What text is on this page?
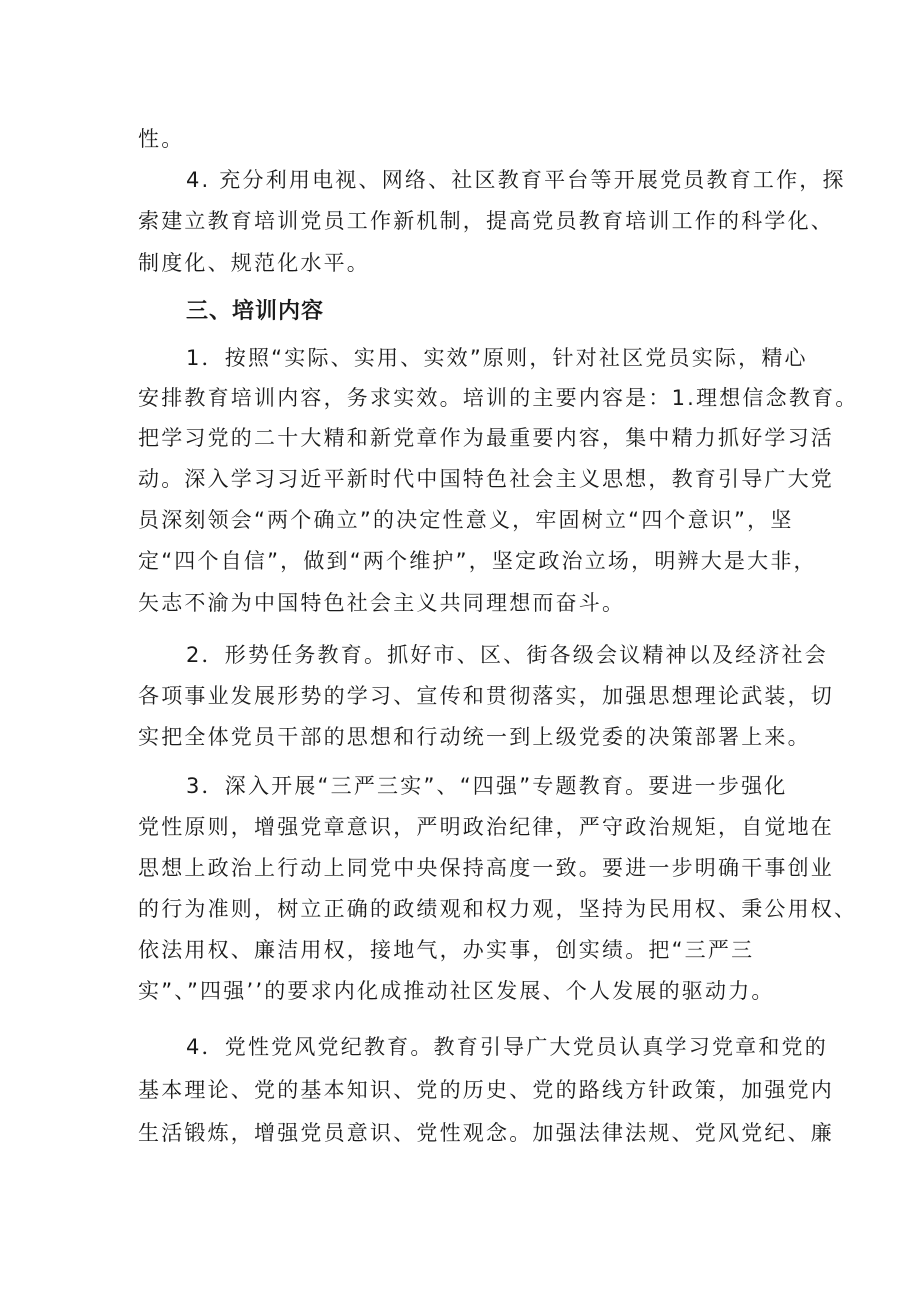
性。
4. 充分利用电视、网络、社区教育平台等开展党员教育工作，探
索建立教育培训党员工作新机制，提高党员教育培训工作的科学化、
制度化、规范化水平。
三、培训内容
1．按照“实际、实用、实效”原则，针对社区党员实际，精心
安排教育培训内容，务求实效。培训的主要内容是：1.理想信念教育。
把学习党的二十大精和新党章作为最重要内容，集中精力抓好学习活
动。深入学习习近平新时代中国特色社会主义思想，教育引导广大党
员深刻领会“两个确立”的决定性意义，牢固树立“四个意识”，坚
定“四个自信”，做到“两个维护”，坚定政治立场，明辨大是大非，
矢志不渝为中国特色社会主义共同理想而奋斗。
2．形势任务教育。抓好市、区、街各级会议精神以及经济社会
各项事业发展形势的学习、宣传和贯彻落实，加强思想理论武装，切
实把全体党员干部的思想和行动统一到上级党委的决策部署上来。
3．深入开展“三严三实”、“四强”专题教育。要进一步强化
党性原则，增强党章意识，严明政治纪律，严守政治规矩，自觉地在
思想上政治上行动上同党中央保持高度一致。要进一步明确干事创业
的行为准则，树立正确的政绩观和权力观，坚持为民用权、秉公用权、
依法用权、廉洁用权，接地气，办实事，创实绩。把“三严三
实”、”四强’’的要求内化成推动社区发展、个人发展的驱动力。
4．党性党风党纪教育。教育引导广大党员认真学习党章和党的
基本理论、党的基本知识、党的历史、党的路线方针政策，加强党内
生活锻炼，增强党员意识、党性观念。加强法律法规、党风党纪、廉
